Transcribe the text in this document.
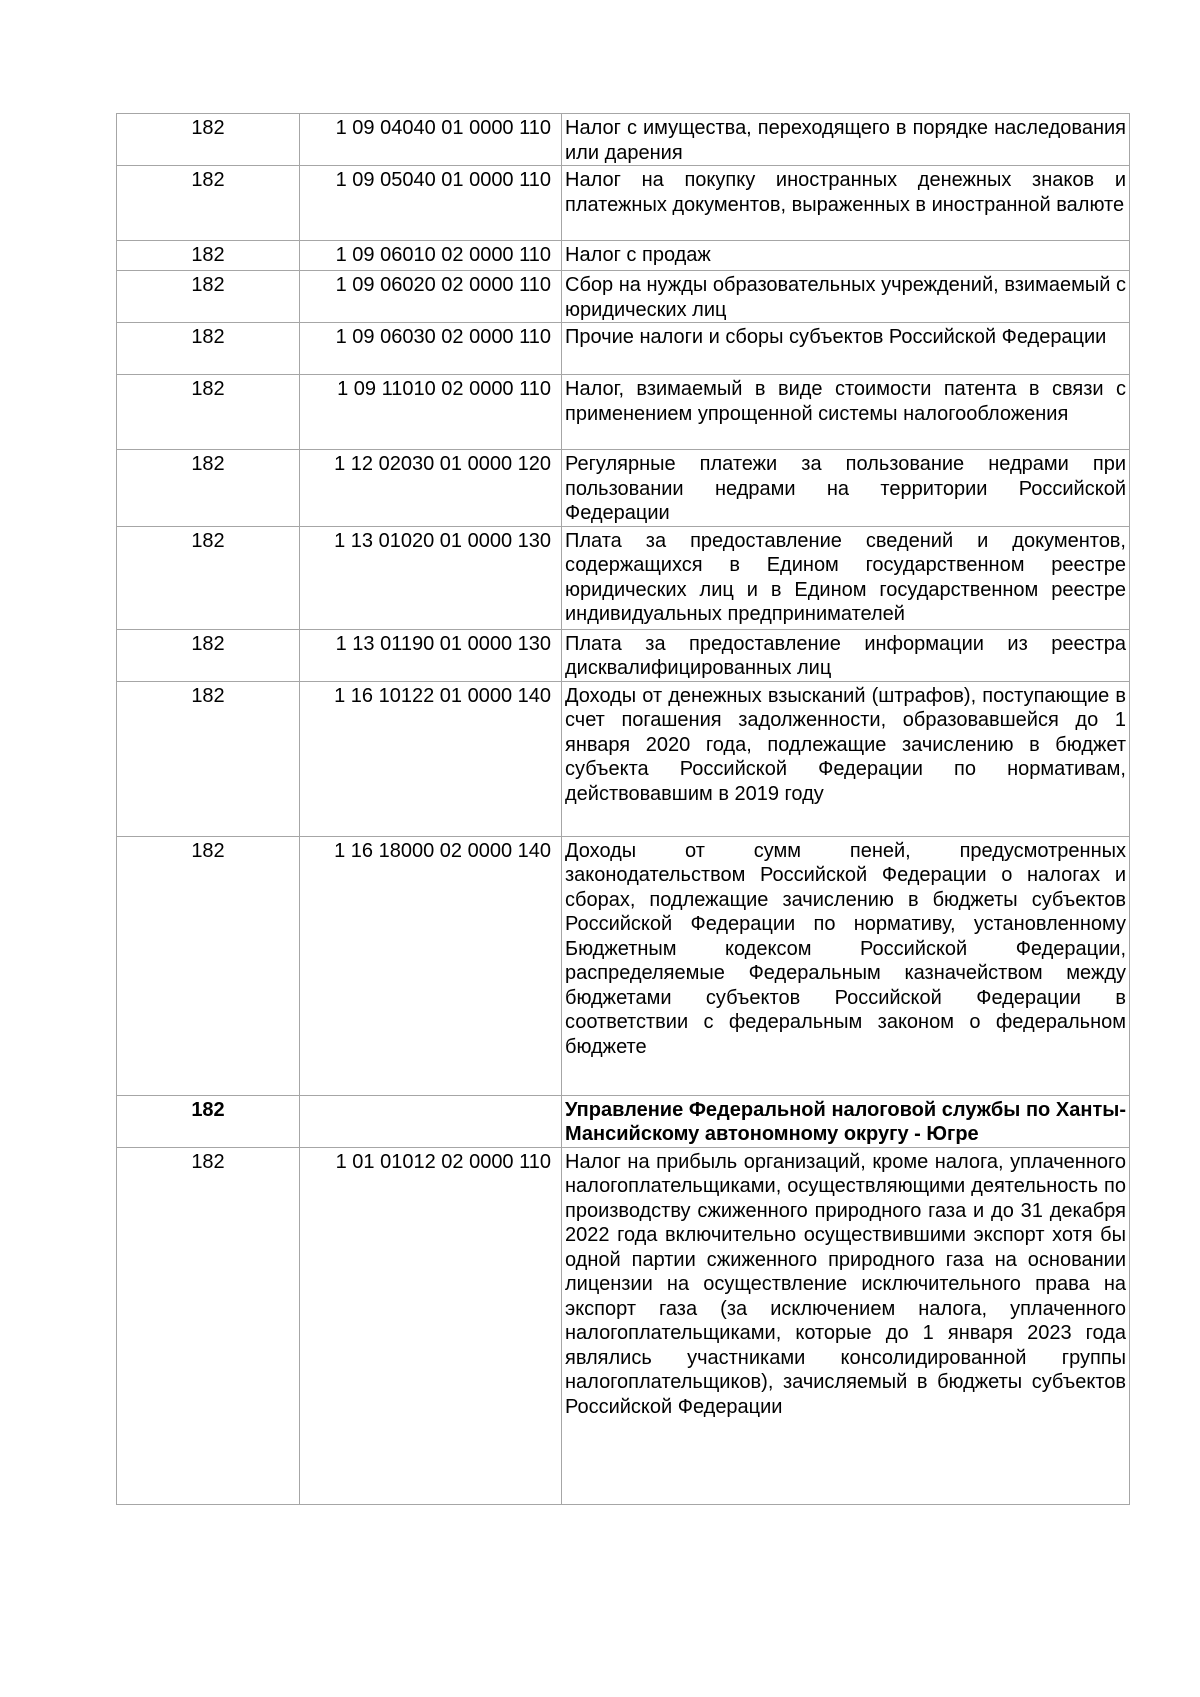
182	1 09 04040 01 0000 110	Налог с имущества, переходящего в порядке наследования или дарения
182	1 09 05040 01 0000 110	Налог на покупку иностранных денежных знаков и платежных документов, выраженных в иностранной валюте
182	1 09 06010 02 0000 110	Налог с продаж
182	1 09 06020 02 0000 110	Сбор на нужды образовательных учреждений, взимаемый с юридических лиц
182	1 09 06030 02 0000 110	Прочие налоги и сборы субъектов Российской Федерации
182	1 09 11010 02 0000 110	Налог, взимаемый в виде стоимости патента в связи с применением упрощенной системы налогообложения
182	1 12 02030 01 0000 120	Регулярные платежи за пользование недрами при пользовании недрами на территории Российской Федерации
182	1 13 01020 01 0000 130	Плата за предоставление сведений и документов, содержащихся в Едином государственном реестре юридических лиц и в Едином государственном реестре индивидуальных предпринимателей
182	1 13 01190 01 0000 130	Плата за предоставление информации из реестра дисквалифицированных лиц
182	1 16 10122 01 0000 140	Доходы от денежных взысканий (штрафов), поступающие в счет погашения задолженности, образовавшейся до 1 января 2020 года, подлежащие зачислению в бюджет субъекта Российской Федерации по нормативам, действовавшим в 2019 году
182	1 16 18000 02 0000 140	Доходы от сумм пеней, предусмотренных законодательством Российской Федерации о налогах и сборах, подлежащие зачислению в бюджеты субъектов Российской Федерации по нормативу, установленному Бюджетным кодексом Российской Федерации, распределяемые Федеральным казначейством между бюджетами субъектов Российской Федерации в соответствии с федеральным законом о федеральном бюджете
182		Управление Федеральной налоговой службы по Ханты-Мансийскому автономному округу - Югре
182	1 01 01012 02 0000 110	Налог на прибыль организаций, кроме налога, уплаченного налогоплательщиками, осуществляющими деятельность по производству сжиженного природного газа и до 31 декабря 2022 года включительно осуществившими экспорт хотя бы одной партии сжиженного природного газа на основании лицензии на осуществление исключительного права на экспорт газа (за исключением налога, уплаченного налогоплательщиками, которые до 1 января 2023 года являлись участниками консолидированной группы налогоплательщиков), зачисляемый в бюджеты субъектов Российской Федерации
